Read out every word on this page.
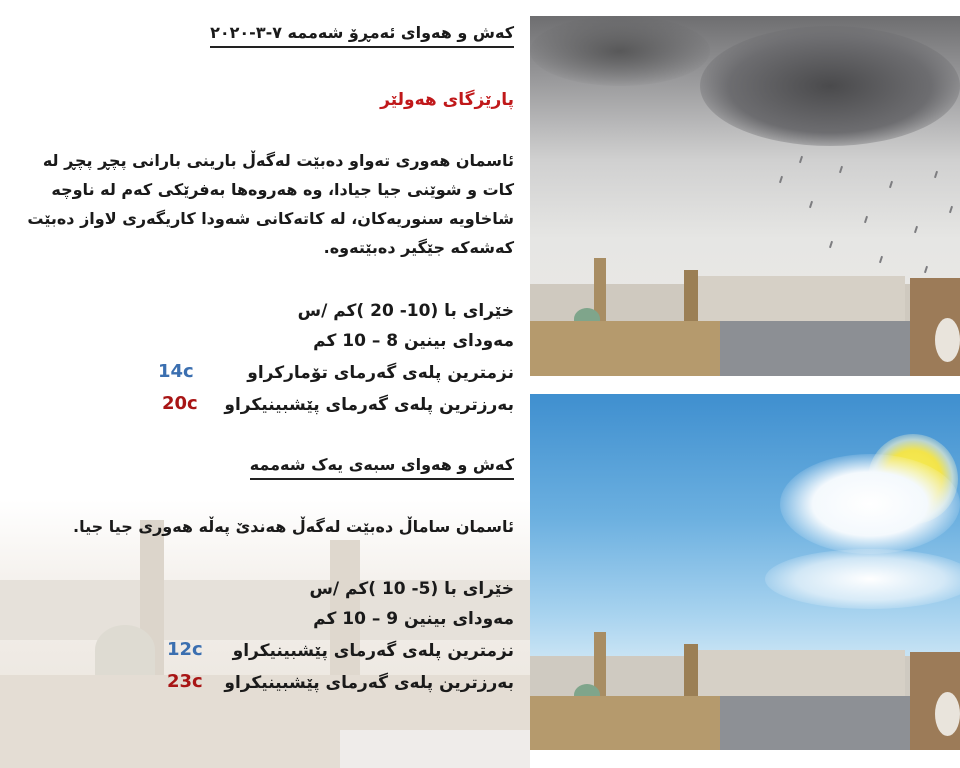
کەش و هەوای ئەمڕۆ شەممە ٧-٣-٢٠٢٠
پارێزگای هەولێر
ئاسمان هەوری تەواو دەبێت لەگەڵ بارینی بارانی پچڕ پچڕ لە کات و شوێنی جیا جیادا، وە هەروەها بەفرێکی کەم لە ناوچە شاخاویە سنوریەکان، لە کاتەکانی شەودا کاریگەری لاواز دەبێت کەشەکە جێگیر دەبێتەوە.
خێرای با (10- 20 )کم /س
مەودای بینین 8 – 10 کم
نزمترین پلەی گەرمای تۆمارکراو
14c
بەرزترین پلەی گەرمای پێشبینیکراو
20c
کەش و هەوای سبەی یەک شەممە
ئاسمان ساماڵ دەبێت لەگەڵ هەندێ پەڵە هەوری جیا جیا.
خێرای با (5- 10 )کم /س
مەودای بینین 9 – 10 کم
نزمترین پلەی گەرمای پێشبینیکراو
12c
بەرزترین پلەی گەرمای پێشبینیکراو
23c
